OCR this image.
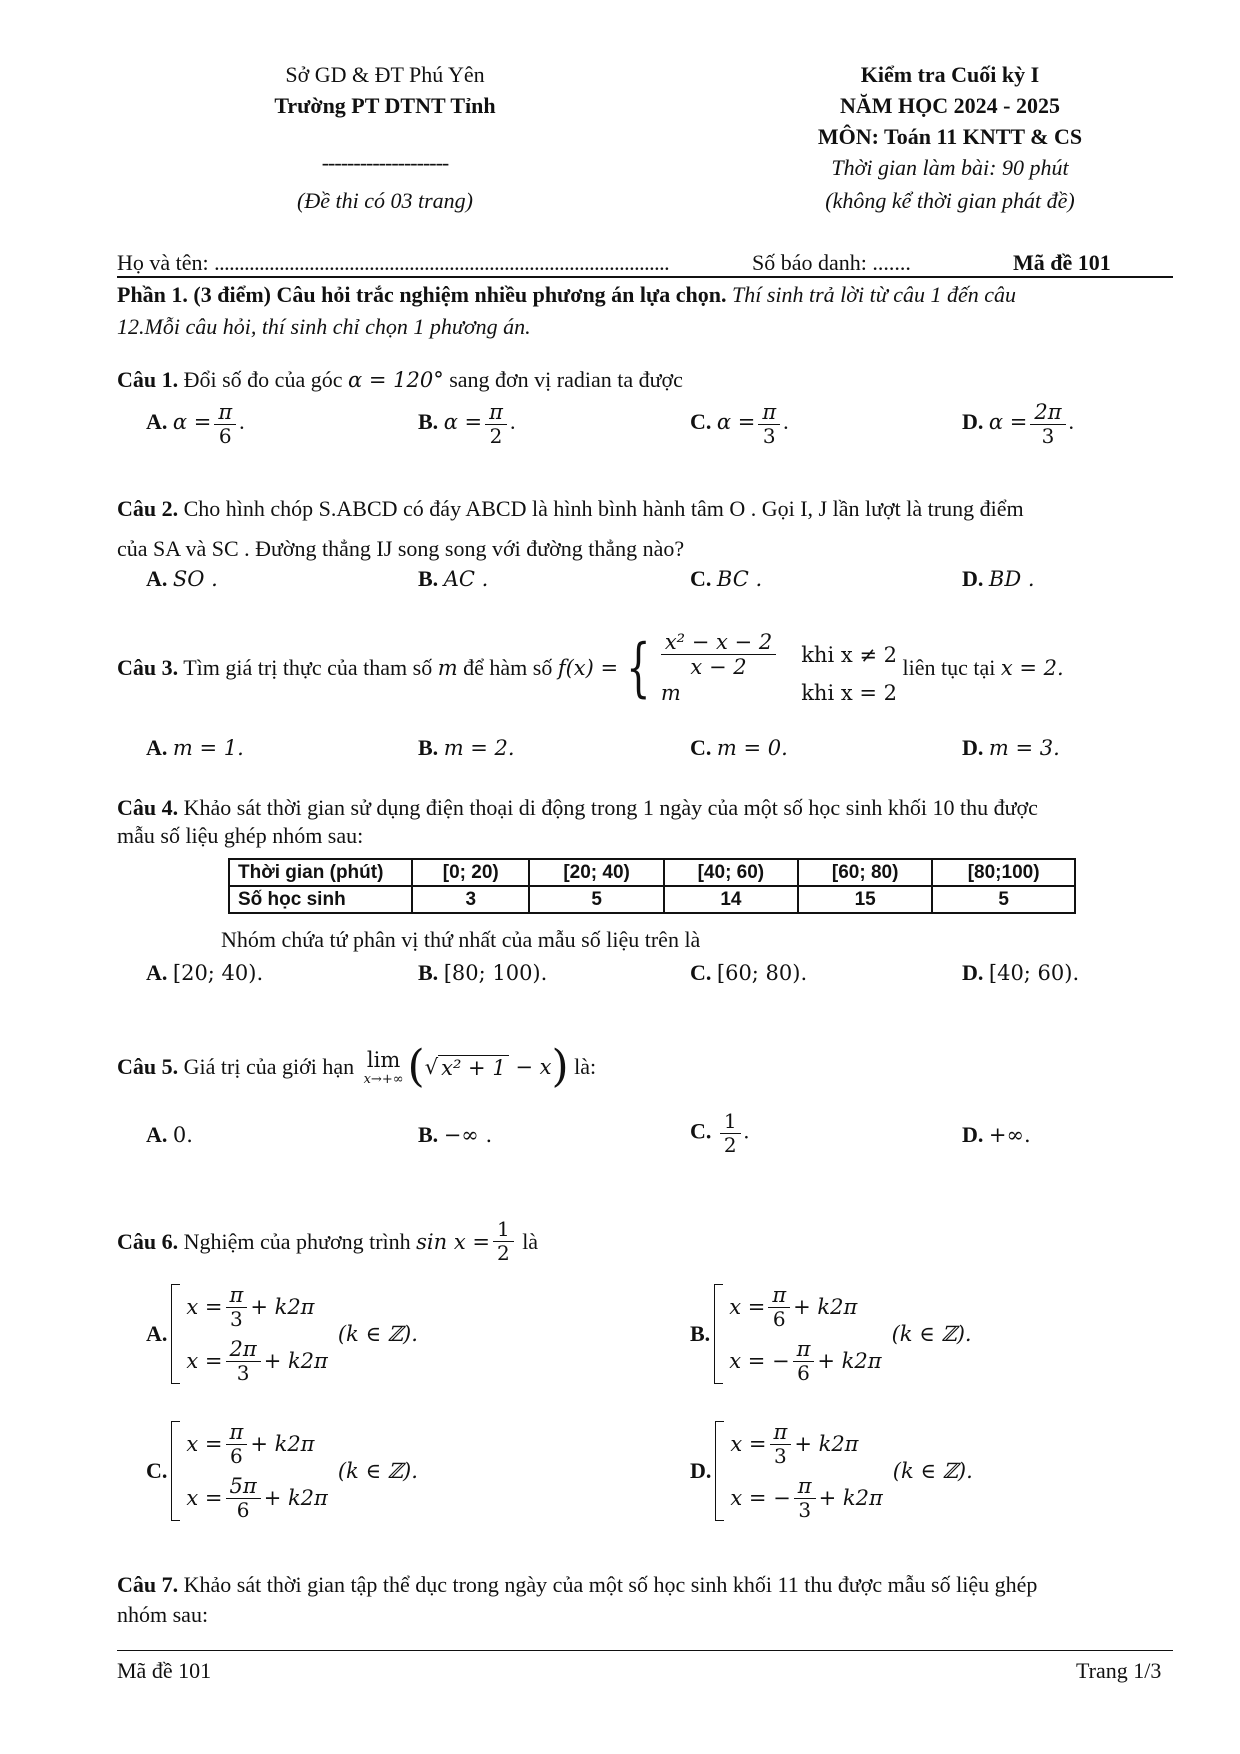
Sở GD & ĐT Phú Yên
Trường PT DTNT Tỉnh
--------------------
(Đề thi có 03 trang)
Kiểm tra Cuối kỳ I
NĂM HỌC 2024 - 2025
MÔN: Toán 11 KNTT & CS
Thời gian làm bài: 90 phút
(không kể thời gian phát đề)
Họ và tên: ...........................................................................................	Số báo danh: .......	Mã đề 101
Phần 1. (3 điểm) Câu hỏi trắc nghiệm nhiều phương án lựa chọn. Thí sinh trả lời từ câu 1 đến câu
12.Mỗi câu hỏi, thí sinh chỉ chọn 1 phương án.
Câu 1. Đổi số đo của góc α = 120° sang đơn vị radian ta được
A. $\alpha = \frac{\pi}{6}$ .	B. $\alpha = \frac{\pi}{2}$ .	C. $\alpha = \frac{\pi}{3}$ .	D. $\alpha = \frac{2\pi}{3}$ .
Câu 2. Cho hình chóp S.ABCD có đáy ABCD là hình bình hành tâm O . Gọi I, J lần lượt là trung điểm
của SA và SC . Đường thẳng IJ song song với đường thẳng nào?
A. SO .	B. AC .	C. BC .	D. BD .
Câu 3. Tìm giá trị thực của tham số m để hàm số f(x) = { $\frac{\text{x² − x − 2}}{x - 2}$ khi x ≠ 2
m	khi x = 2
liên tục tại x = 2.
A. m = 1.	B. m = 2.	C. m = 0.	D. m = 3.
Câu 4. Khảo sát thời gian sử dụng điện thoại di động trong 1 ngày của một số học sinh khối 10 thu được
mẫu số liệu ghép nhóm sau:
Thời gian (phút)	[0; 20)	[20; 40)	[40; 60)	[60; 80)	[80;100)
Số học sinh	3	5	14	15	5
Nhóm chứa tứ phân vị thứ nhất của mẫu số liệu trên là
A. [20; 40).	B. [80; 100).	C. [60; 80).	D. [40; 60).
Câu 5. Giá trị của giới hạn lim
x→+∞ ( √ x² + 1 − x ) là:
A. 0.	B. −∞ .	C. $\frac{1}{2}$ .	D. +∞.
Câu 6. Nghiệm của phương trình $\sin x = \frac{1}{2}$ là
A.
$x = \frac{\pi}{3} + k2\pi$
$x = \frac{2\pi}{3} + k2\pi$
(k ∈ ℤ).	B.
$x = \frac{\pi}{6} + k2\pi$
x = − $\frac{\pi}{6} + k2\pi$
(k ∈ ℤ).
C.
$x = \frac{\pi}{6} + k2\pi$
$x = \frac{5\pi}{6} + k2\pi$
(k ∈ ℤ).	D.
$x = \frac{\pi}{3} + k2\pi$
x = − $\frac{\pi}{3} + k2\pi$
(k ∈ ℤ).
Câu 7. Khảo sát thời gian tập thể dục trong ngày của một số học sinh khối 11 thu được mẫu số liệu ghép
nhóm sau:
Mã đề 101	Trang 1/3
